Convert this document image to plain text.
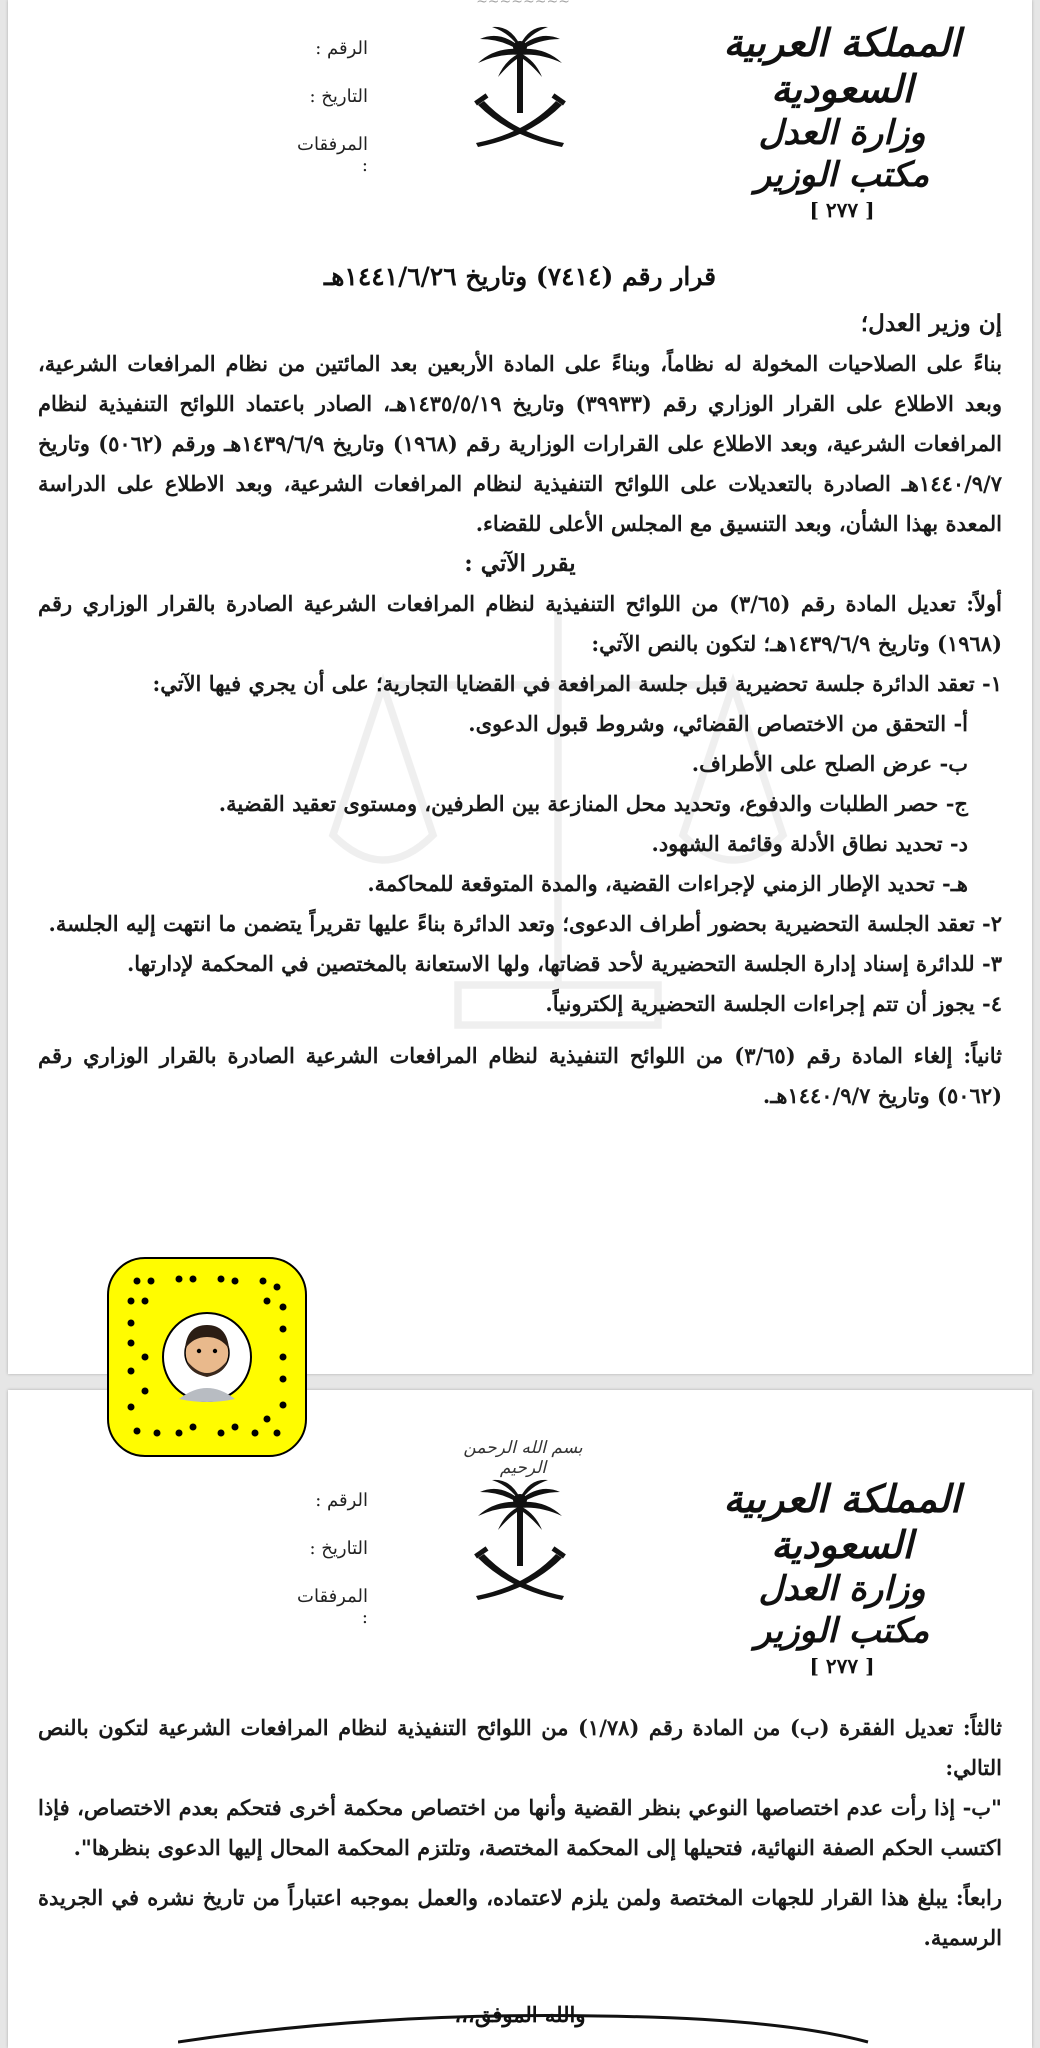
~~~~~~~~
المملكة العربية السعودية
وزارة العدل
مكتب الوزير
[ ٢٧٧ ]
الرقم :
التاريخ :
المرفقات :
قرار رقم (٧٤١٤) وتاريخ ١٤٤١/٦/٢٦هـ

إن وزير العدل؛

بناءً على الصلاحيات المخولة له نظاماً، وبناءً على المادة الأربعين بعد المائتين من نظام المرافعات الشرعية، وبعد الاطلاع على القرار الوزاري رقم (٣٩٩٣٣) وتاريخ ١٤٣٥/٥/١٩هـ، الصادر باعتماد اللوائح التنفيذية لنظام المرافعات الشرعية، وبعد الاطلاع على القرارات الوزارية رقم (١٩٦٨) وتاريخ ١٤٣٩/٦/٩هـ ورقم (٥٠٦٢) وتاريخ ١٤٤٠/٩/٧هـ الصادرة بالتعديلات على اللوائح التنفيذية لنظام المرافعات الشرعية، وبعد الاطلاع على الدراسة المعدة بهذا الشأن، وبعد التنسيق مع المجلس الأعلى للقضاء.

يقرر الآتي :

أولاً: تعديل المادة رقم (٣/٦٥) من اللوائح التنفيذية لنظام المرافعات الشرعية الصادرة بالقرار الوزاري رقم (١٩٦٨) وتاريخ ١٤٣٩/٦/٩هـ؛ لتكون بالنص الآتي:

١- تعقد الدائرة جلسة تحضيرية قبل جلسة المرافعة في القضايا التجارية؛ على أن يجري فيها الآتي:

أ- التحقق من الاختصاص القضائي، وشروط قبول الدعوى.

ب- عرض الصلح على الأطراف.

ج- حصر الطلبات والدفوع، وتحديد محل المنازعة بين الطرفين، ومستوى تعقيد القضية.

د- تحديد نطاق الأدلة وقائمة الشهود.

هـ- تحديد الإطار الزمني لإجراءات القضية، والمدة المتوقعة للمحاكمة.

٢- تعقد الجلسة التحضيرية بحضور أطراف الدعوى؛ وتعد الدائرة بناءً عليها تقريراً يتضمن ما انتهت إليه الجلسة.

٣- للدائرة إسناد إدارة الجلسة التحضيرية لأحد قضاتها، ولها الاستعانة بالمختصين في المحكمة لإدارتها.

٤- يجوز أن تتم إجراءات الجلسة التحضيرية إلكترونياً.

ثانياً: إلغاء المادة رقم (٣/٦٥) من اللوائح التنفيذية لنظام المرافعات الشرعية الصادرة بالقرار الوزاري رقم (٥٠٦٢) وتاريخ ١٤٤٠/٩/٧هـ.

بسم الله الرحمن الرحيم
المملكة العربية السعودية
وزارة العدل
مكتب الوزير
[ ٢٧٧ ]
الرقم :
التاريخ :
المرفقات :

ثالثاً: تعديل الفقرة (ب) من المادة رقم (١/٧٨) من اللوائح التنفيذية لنظام المرافعات الشرعية لتكون بالنص التالي:

"ب- إذا رأت عدم اختصاصها النوعي بنظر القضية وأنها من اختصاص محكمة أخرى فتحكم بعدم الاختصاص، فإذا اكتسب الحكم الصفة النهائية، فتحيلها إلى المحكمة المختصة، وتلتزم المحكمة المحال إليها الدعوى بنظرها".

رابعاً: يبلغ هذا القرار للجهات المختصة ولمن يلزم لاعتماده، والعمل بموجبه اعتباراً من تاريخ نشره في الجريدة الرسمية.

والله الموفق،،،
